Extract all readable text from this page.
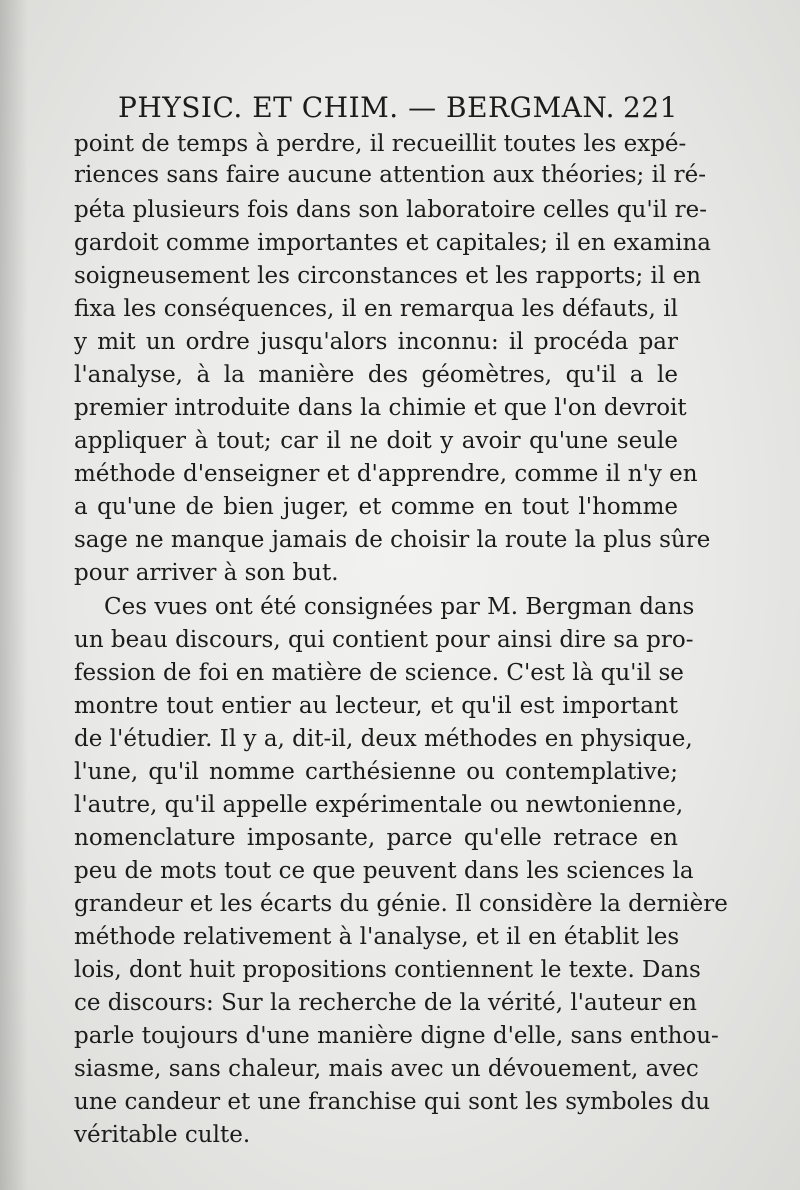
PHYSIC. ET CHIM. — BERGMAN. 221
point de temps à perdre, il recueillit toutes les expé-
riences sans faire aucune attention aux théories; il ré-
péta plusieurs fois dans son laboratoire celles qu'il re-
gardoit comme importantes et capitales; il en examina
soigneusement les circonstances et les rapports; il en
fixa les conséquences, il en remarqua les défauts, il
y mit un ordre jusqu'alors inconnu: il procéda par
l'analyse, à la manière des géomètres, qu'il a le
premier introduite dans la chimie et que l'on devroit
appliquer à tout; car il ne doit y avoir qu'une seule
méthode d'enseigner et d'apprendre, comme il n'y en
a qu'une de bien juger, et comme en tout l'homme
sage ne manque jamais de choisir la route la plus sûre
pour arriver à son but.
Ces vues ont été consignées par M. Bergman dans
un beau discours, qui contient pour ainsi dire sa pro-
fession de foi en matière de science. C'est là qu'il se
montre tout entier au lecteur, et qu'il est important
de l'étudier. Il y a, dit-il, deux méthodes en physique,
l'une, qu'il nomme carthésienne ou contemplative;
l'autre, qu'il appelle expérimentale ou newtonienne,
nomenclature imposante, parce qu'elle retrace en
peu de mots tout ce que peuvent dans les sciences la
grandeur et les écarts du génie. Il considère la dernière
méthode relativement à l'analyse, et il en établit les
lois, dont huit propositions contiennent le texte. Dans
ce discours: Sur la recherche de la vérité, l'auteur en
parle toujours d'une manière digne d'elle, sans enthou-
siasme, sans chaleur, mais avec un dévouement, avec
une candeur et une franchise qui sont les symboles du
véritable culte.
